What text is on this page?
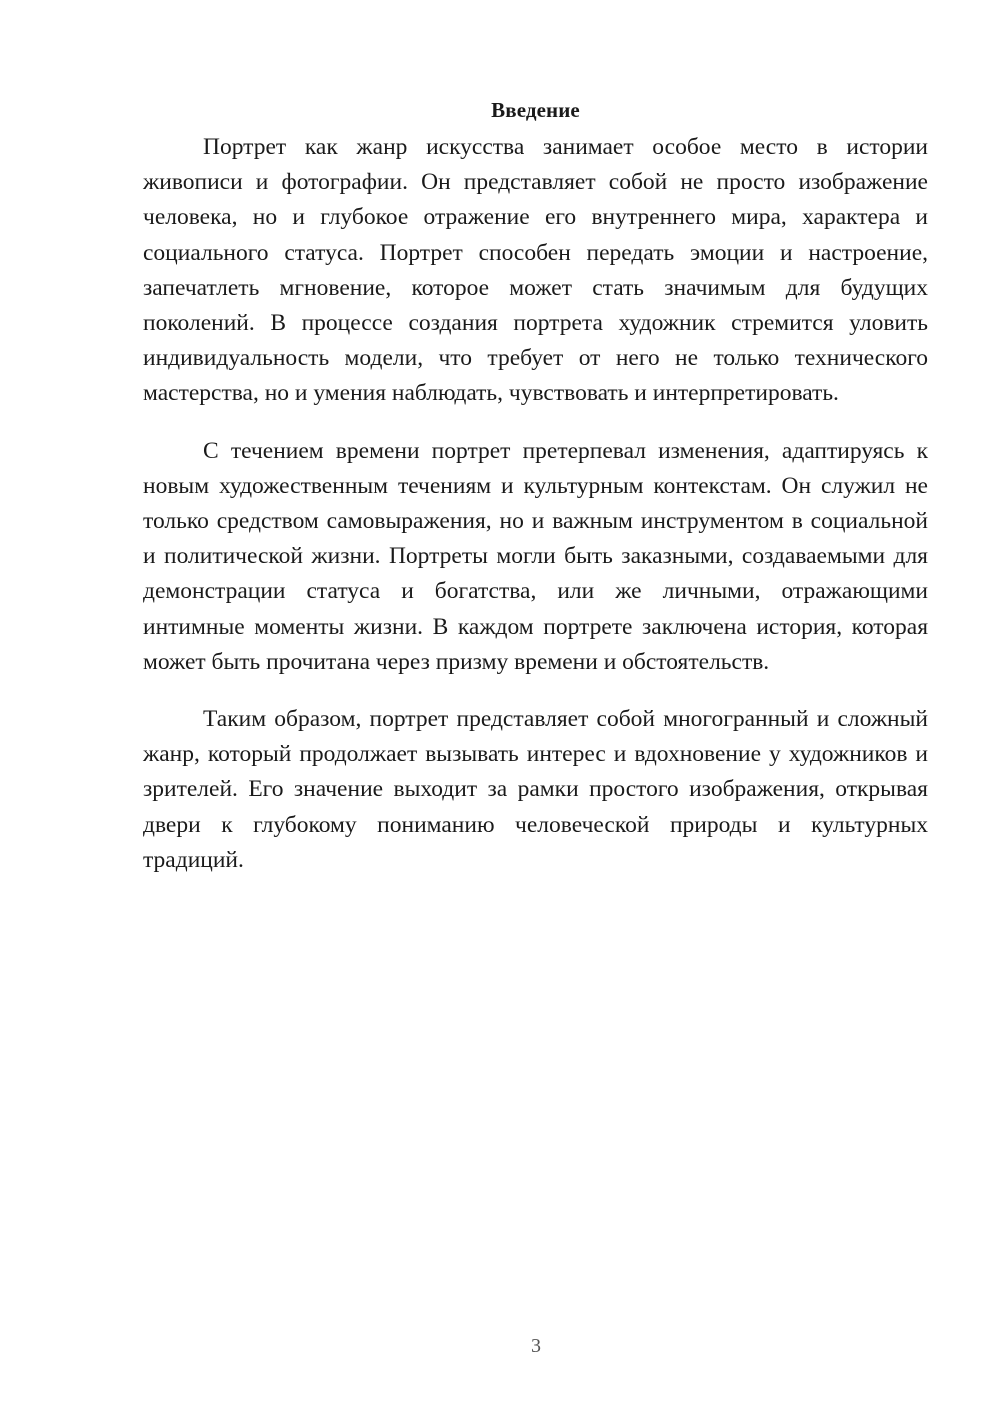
Введение

Портрет как жанр искусства занимает особое место в истории живописи и фотографии. Он представляет собой не просто изображение человека, но и глубокое отражение его внутреннего мира, характера и социального статуса. Портрет способен передать эмоции и настроение, запечатлеть мгновение, которое может стать значимым для будущих поколений. В процессе создания портрета художник стремится уловить индивидуальность модели, что требует от него не только технического мастерства, но и умения наблюдать, чувствовать и интерпретировать.

С течением времени портрет претерпевал изменения, адаптируясь к новым художественным течениям и культурным контекстам. Он служил не только средством самовыражения, но и важным инструментом в социальной и политической жизни. Портреты могли быть заказными, создаваемыми для демонстрации статуса и богатства, или же личными, отражающими интимные моменты жизни. В каждом портрете заключена история, которая может быть прочитана через призму времени и обстоятельств.

Таким образом, портрет представляет собой многогранный и сложный жанр, который продолжает вызывать интерес и вдохновение у художников и зрителей. Его значение выходит за рамки простого изображения, открывая двери к глубокому пониманию человеческой природы и культурных традиций.

3
